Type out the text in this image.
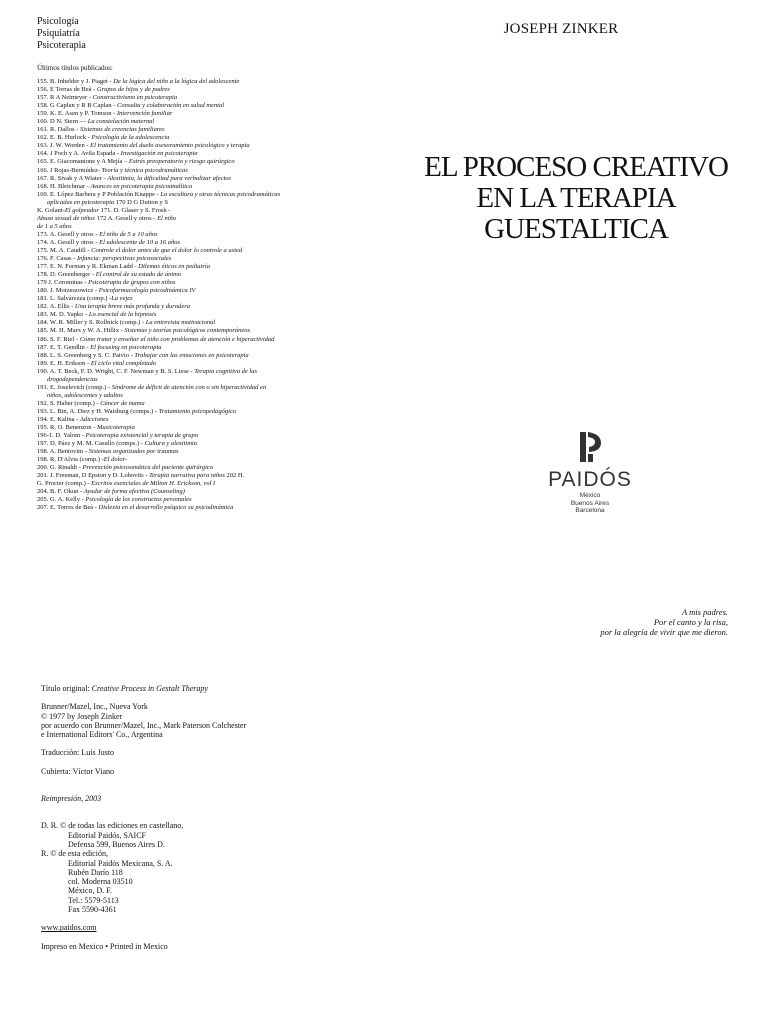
Psicología
Psiquiatría
Psicoterapia
Últimos títulos publicados:
155. B. Inhelder y J. Piaget - De la lógica del niño a la lógica del adolescente
156. E Torras de Beà - Grupos de hijos y de padres
157. R A Neimeyer - Constructivismo en psicoterapia
158. G Caplan y R B Caplan - Consulta y colaboración en salud mental
159. K. E. Asen y P. Tomson - Intervención familiar
160. D N. Stern — La constelación maternal
161. R. Dallos - Sistemas de creencias familiares
162. E. B. Hurlock - Psicología de la adolescencia
163. J. W. Worden - El tratamiento del duelo asesoramiento psicológico y terapia
164. J Poch y A. Avila Espada - Investigación en psicoterapia
165. E. Giacomantone y A Mejía – Estrés preoperatorio y riesgo quirúrgico
166. J Rojas-Bermúdez- Teoría y técnica psicodramáticas
167. R. Sivak y A Wiater - Alexitimia, la dificultad para verbalizar afectos
168. H. Bleichmar - Avances en psicoterapia psicoanalítica
169. E. López Barbera y P Población Knappe - La escultura y otras técnicas psicodramáticas
aplicadas en psicoterapia 170 D G Dutton y S
K. Golant-El golpeador 171. D. Glaser y S. Frosh -
Abuso sexual de niños 172 A. Gesell y otros - El niño
de 1 a 5 años
173. A. Gesell y otros - El niño de 5 a 10 años
174. A. Gesell y otros - El adolescente de 10 a 16 años
175. M. A. Caudill - Controle el dolor antes de que el dolor lo controle a usted
176. F. Casas - Infancia: perspectivas psicosociales
177. E. N. Forman y R. Ekman Ladd - Dilemas éticos en pediatría
178. D. Greenberger - El control de su estado de ánimo
179 J. Corominas - Psicoterapia de grupos con niños
180. J. Moizeszowicz - Psicofarmacología psicodinámica IV
181. L. Salvarezza (comp.) -La vejez
182. A. Ellis - Una terapia breve más profunda y duradera
183. M. D. Yapko - Lo esencial de la hipnosis
184. W. R. Miller y S. Rollnick (comp.) - La entrevista motivacional
185. M. H. Marx y W. A. Hillix - Sistemas y teorías psicológicos contemporáneos
186. S. F. Rief - Cómo tratar y enseñar al niño con problemas de atención e hiperactividad
187. E. T. Gendlin - El focusing en psicoterapia
188. L. S. Greenberg y S. C. Paivio - Trabajar con las emociones en psicoterapia
189. E. H. Erikson - El ciclo vital completado
190. A. T. Beck, F. D. Wright, C. F. Newman y B. S. Liese - Terapia cognitiva de las
drogodependencias
191. E. Joselevich (comp.) - Síndrome de déficit de atención con o sin hiperactividad en
niños, adolescentes y adultos
192. S. Haber (comp.) - Cáncer de mama
193. L. Bin, A. Diez y H. Waisburg (comps.) - Tratamiento psicopedagógico
194. E. Kalina - Adicciones
195. R. O. Benenzon - Musicoterapia
196-1. D. Yalom - Psicoterapia existencial y terapia de grupo
197. D. Páez y M. M. Casullo (comps.) - Cultura y alexitimia
198. A. Bentovim - Sistemas organizados por traumas
198. R. D'Alvia (comp.) -El dolor-
200. G. Rinaldi - Prevención psicosomática del paciente quirúrgico
201. J. Freeman, D Epston y D. Lobovits - Terapia narrativa para niños 202 H.
G. Procter (comp.) - Escritos esenciales de Milton H. Erickson, vol I
204. B. F. Okun - Ayudar de forma efectiva (Counseling)
205. G. A. Kelly - Psicología de los constructos personales
207. E. Torres de Beà - Dislexia en el desarrollo psíquico su psicodinámica
JOSEPH ZINKER
EL PROCESO CREATIVO
EN LA TERAPIA
GUESTALTICA
PAIDÓS
México
Buenos Aires
Barcelona
A mis padres.
Por el canto y la risa,
por la alegría de vivir que me dieron.
Título original: Creative Process in Gestalt Therapy
Brunner/Mazel, Inc., Nueva York
© 1977 by Joseph Zinker
por acuerdo con Brunner/Mazel, Inc., Mark Paterson Colchester
e International Editors' Co., Argentina
Traducción: Luis Justo
Cubierta: Víctor Viano
Reimpresión, 2003
D. R. © de todas las ediciones en castellano,
Editorial Paidós, SAICF
Defensa 599, Buenos Aires D.
R. © de esta edición,
Editorial Paidós Mexicana, S. A.
Rubén Darío 118
col. Moderna 03510
México, D. F.
Tel.: 5579-5113
Fax 5590-4361
www.paidos.com
Impreso en Mexico • Printed in Mexico
